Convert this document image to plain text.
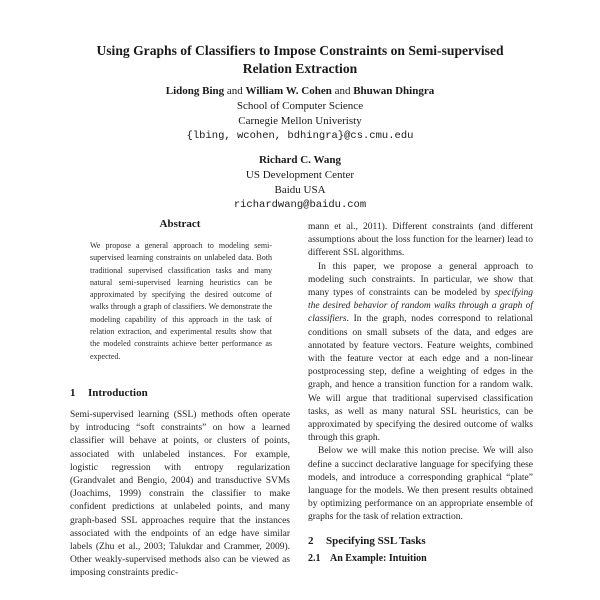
Using Graphs of Classifiers to Impose Constraints on Semi-supervised
Relation Extraction
Lidong Bing and William W. Cohen and Bhuwan Dhingra
School of Computer Science
Carnegie Mellon Univeristy
{lbing, wcohen, bdhingra}@cs.cmu.edu
Richard C. Wang
US Development Center
Baidu USA
richardwang@baidu.com
Abstract

We propose a general approach to modeling semi-supervised learning constraints on unlabeled data. Both traditional supervised classification tasks and many natural semi-supervised learning heuristics can be approximated by specifying the desired outcome of walks through a graph of classifiers. We demonstrate the modeling capability of this approach in the task of relation extraction, and experimental results show that the modeled constraints achieve better performance as expected.

1 Introduction

Semi-supervised learning (SSL) methods often operate by introducing “soft constraints” on how a learned classifier will behave at points, or clusters of points, associated with unlabeled instances. For example, logistic regression with entropy regularization (Grandvalet and Bengio, 2004) and transductive SVMs (Joachims, 1999) constrain the classifier to make confident predictions at unlabeled points, and many graph-based SSL approaches require that the instances associated with the endpoints of an edge have similar labels (Zhu et al., 2003; Talukdar and Crammer, 2009). Other weakly-supervised methods also can be viewed as imposing constraints predic-

mann et al., 2011). Different constraints (and different assumptions about the loss function for the learner) lead to different SSL algorithms.

In this paper, we propose a general approach to modeling such constraints. In particular, we show that many types of constraints can be modeled by specifying the desired behavior of random walks through a graph of classifiers. In the graph, nodes correspond to relational conditions on small subsets of the data, and edges are annotated by feature vectors. Feature weights, combined with the feature vector at each edge and a non-linear postprocessing step, define a weighting of edges in the graph, and hence a transition function for a random walk. We will argue that traditional supervised classification tasks, as well as many natural SSL heuristics, can be approximated by specifying the desired outcome of walks through this graph.

Below we will make this notion precise. We will also define a succinct declarative language for specifying these models, and introduce a corresponding graphical “plate” language for the models. We then present results obtained by optimizing performance on an appropriate ensemble of graphs for the task of relation extraction.

2 Specifying SSL Tasks
2.1 An Example: Intuition
